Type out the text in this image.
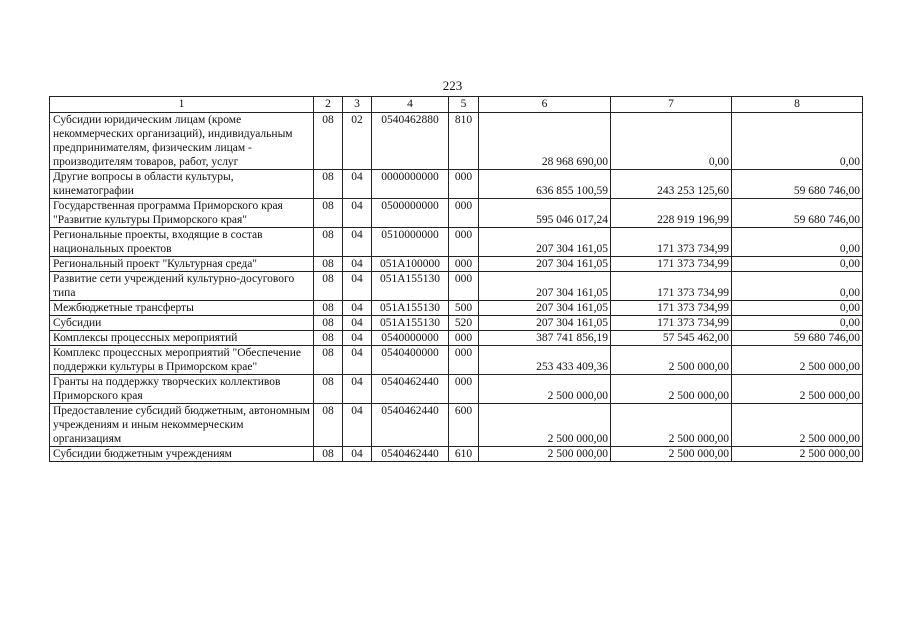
223
1	2	3	4	5	6	7	8
Субсидии юридическим лицам (кроме некоммерческих организаций), индивидуальным предпринимателям, физическим лицам - производителям товаров, работ, услуг	08	02	0540462880	810	28 968 690,00	0,00	0,00
Другие вопросы в области культуры, кинематографии	08	04	0000000000	000	636 855 100,59	243 253 125,60	59 680 746,00
Государственная программа Приморского края "Развитие культуры Приморского края"	08	04	0500000000	000	595 046 017,24	228 919 196,99	59 680 746,00
Региональные проекты, входящие в состав национальных проектов	08	04	0510000000	000	207 304 161,05	171 373 734,99	0,00
Региональный проект "Культурная среда"	08	04	051A100000	000	207 304 161,05	171 373 734,99	0,00
Развитие сети учреждений культурно-досугового типа	08	04	051A155130	000	207 304 161,05	171 373 734,99	0,00
Межбюджетные трансферты	08	04	051A155130	500	207 304 161,05	171 373 734,99	0,00
Субсидии	08	04	051A155130	520	207 304 161,05	171 373 734,99	0,00
Комплексы процессных мероприятий	08	04	0540000000	000	387 741 856,19	57 545 462,00	59 680 746,00
Комплекс процессных мероприятий "Обеспечение поддержки культуры в Приморском крае"	08	04	0540400000	000	253 433 409,36	2 500 000,00	2 500 000,00
Гранты на поддержку творческих коллективов Приморского края	08	04	0540462440	000	2 500 000,00	2 500 000,00	2 500 000,00
Предоставление субсидий бюджетным, автономным учреждениям и иным некоммерческим организациям	08	04	0540462440	600	2 500 000,00	2 500 000,00	2 500 000,00
Субсидии бюджетным учреждениям	08	04	0540462440	610	2 500 000,00	2 500 000,00	2 500 000,00
